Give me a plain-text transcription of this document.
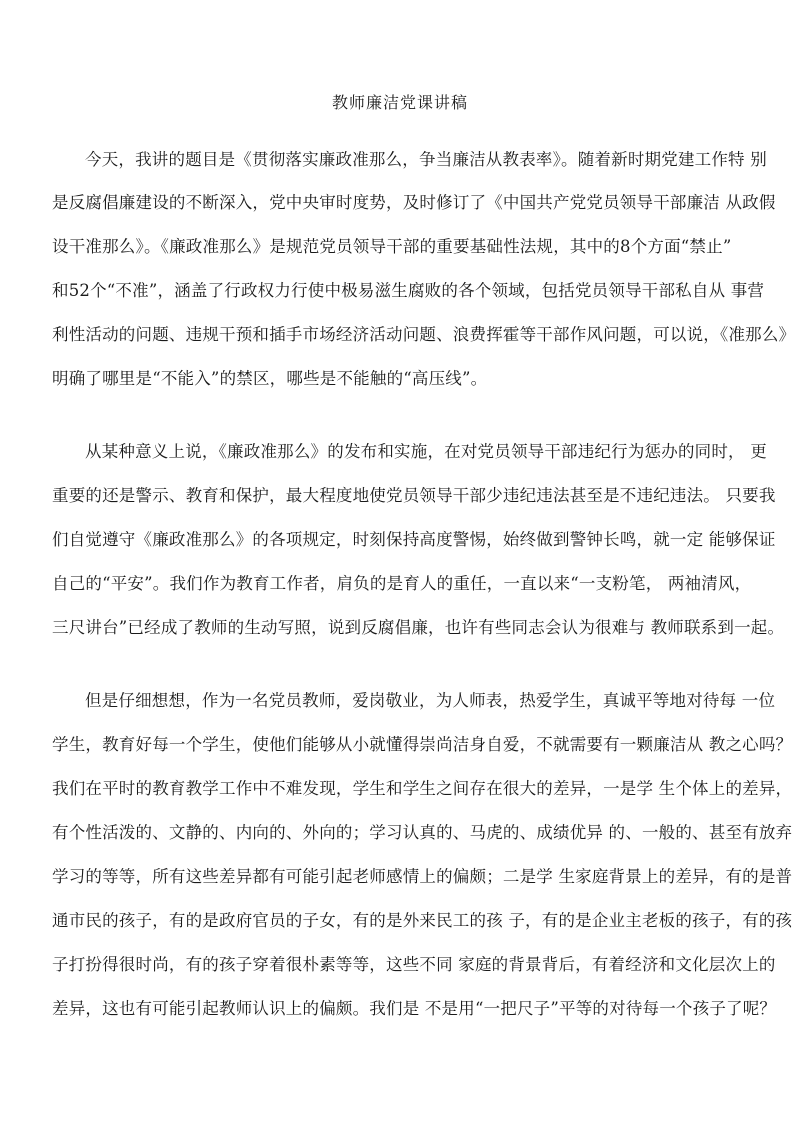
教师廉洁党课讲稿
今天，我讲的题目是《贯彻落实廉政准那么，争当廉洁从教表率》。随着新时期党建工作特 别
是反腐倡廉建设的不断深入，党中央审时度势，及时修订了《中国共产党党员领导干部廉洁 从政假
设干准那么》。《廉政准那么》是规范党员领导干部的重要基础性法规，其中的8个方面“禁止”
和52个“不准”，涵盖了行政权力行使中极易滋生腐败的各个领域，包括党员领导干部私自从 事营
利性活动的问题、违规干预和插手市场经济活动问题、浪费挥霍等干部作风问题，可以说，《准那么》
明确了哪里是“不能入”的禁区，哪些是不能触的“高压线”。
从某种意义上说，《廉政准那么》的发布和实施，在对党员领导干部违纪行为惩办的同时， 更
重要的还是警示、教育和保护，最大程度地使党员领导干部少违纪违法甚至是不违纪违法。 只要我
们自觉遵守《廉政准那么》的各项规定，时刻保持高度警惕，始终做到警钟长鸣，就一定 能够保证
自己的“平安”。我们作为教育工作者，肩负的是育人的重任，一直以来“一支粉笔， 两袖清风，
三尺讲台”已经成了教师的生动写照，说到反腐倡廉，也许有些同志会认为很难与 教师联系到一起。
但是仔细想想，作为一名党员教师，爱岗敬业，为人师表，热爱学生，真诚平等地对待每 一位
学生，教育好每一个学生，使他们能够从小就懂得崇尚洁身自爱，不就需要有一颗廉洁从 教之心吗？
我们在平时的教育教学工作中不难发现，学生和学生之间存在很大的差异，一是学 生个体上的差异，
有个性活泼的、文静的、内向的、外向的；学习认真的、马虎的、成绩优异 的、一般的、甚至有放弃
学习的等等，所有这些差异都有可能引起老师感情上的偏颇；二是学 生家庭背景上的差异，有的是普
通市民的孩子，有的是政府官员的子女，有的是外来民工的孩 子，有的是企业主老板的孩子，有的孩
子打扮得很时尚，有的孩子穿着很朴素等等，这些不同 家庭的背景背后，有着经济和文化层次上的
差异，这也有可能引起教师认识上的偏颇。我们是 不是用“一把尺子”平等的对待每一个孩子了呢？
